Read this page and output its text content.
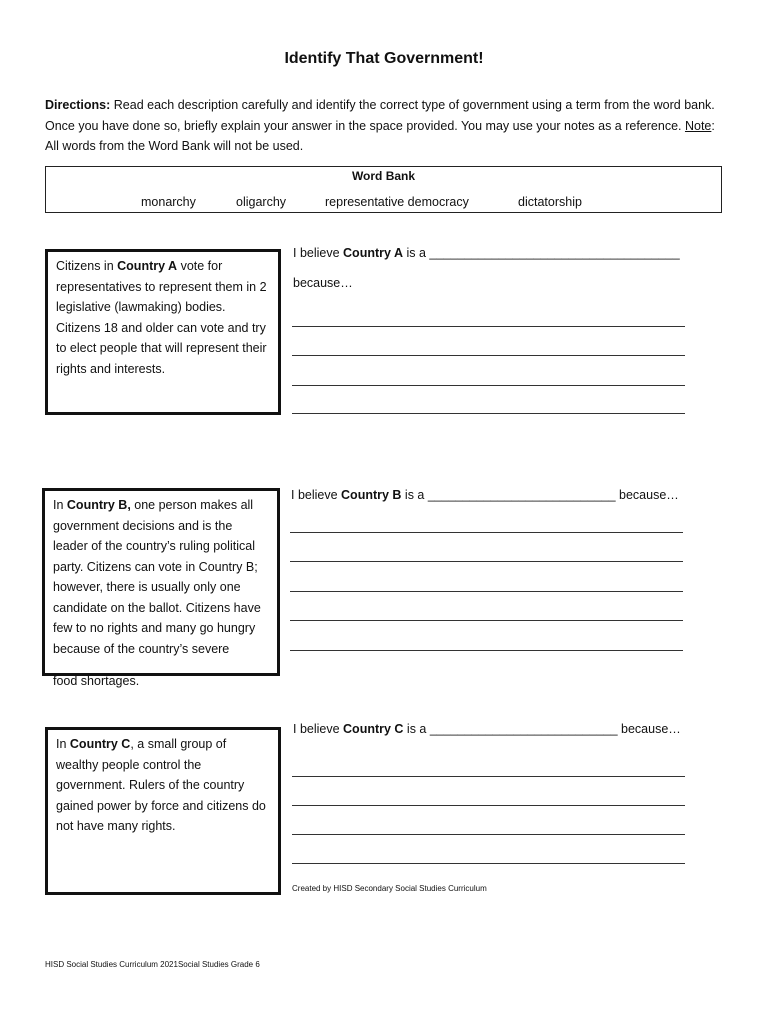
Identify That Government!

Directions: Read each description carefully and identify the correct type of government using a term from the word bank. Once you have done so, briefly explain your answer in the space provided. You may use your notes as a reference. Note: All words from the Word Bank will not be used.

Word Bank
monarchy	oligarchy	representative democracy	dictatorship
Citizens in Country A vote for representatives to represent them in 2 legislative (lawmaking) bodies. Citizens 18 and older can vote and try to elect people that will represent their rights and interests.
I believe Country A is a ____________________________________
because…
In Country B, one person makes all government decisions and is the leader of the country’s ruling political party. Citizens can vote in Country B; however, there is usually only one candidate on the ballot. Citizens have few to no rights and many go hungry because of the country’s severe
food shortages.
I believe Country B is a ___________________________ because…
In Country C, a small group of wealthy people control the government. Rulers of the country gained power by force and citizens do not have many rights.
I believe Country C is a ___________________________ because…
Created by HISD Secondary Social Studies Curriculum
HISD Social Studies Curriculum 2021Social Studies Grade 6
